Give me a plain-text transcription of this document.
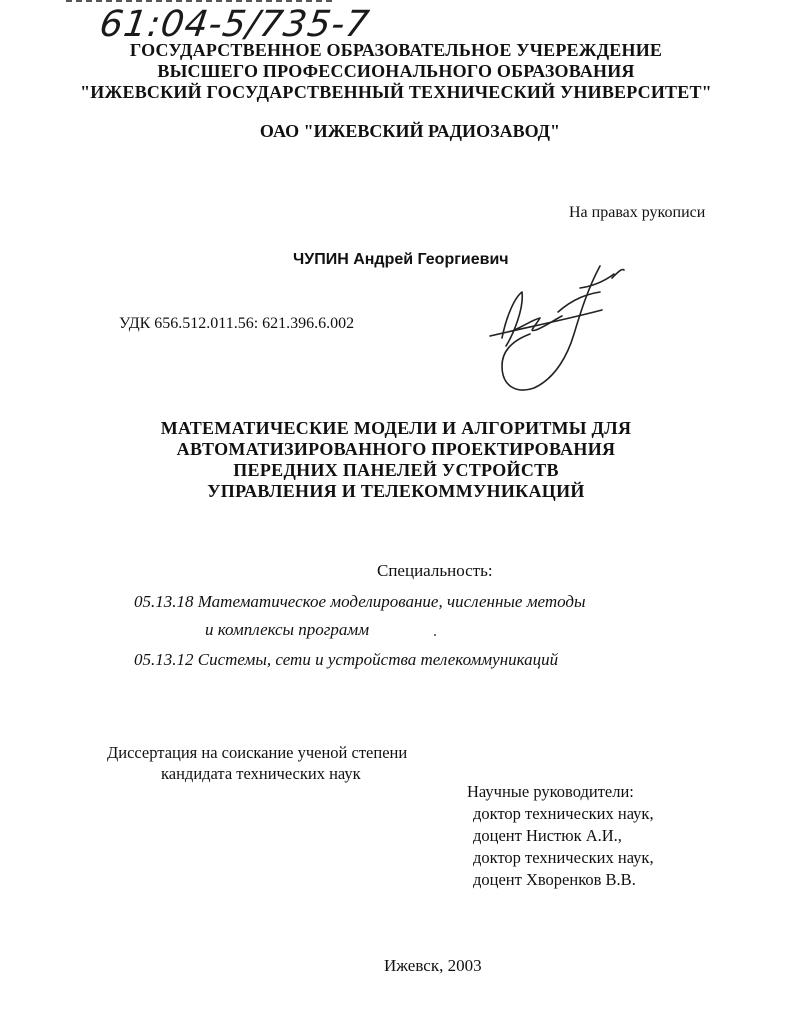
61:04-5/735-7
ГОСУДАРСТВЕННОЕ ОБРАЗОВАТЕЛЬНОЕ УЧЕРЕЖДЕНИЕ
ВЫСШЕГО ПРОФЕССИОНАЛЬНОГО ОБРАЗОВАНИЯ
"ИЖЕВСКИЙ ГОСУДАРСТВЕННЫЙ ТЕХНИЧЕСКИЙ УНИВЕРСИТЕТ"
ОАО "ИЖЕВСКИЙ РАДИОЗАВОД"
На правах рукописи
ЧУПИН Андрей Георгиевич
УДК 656.512.011.56: 621.396.6.002
МАТЕМАТИЧЕСКИЕ МОДЕЛИ И АЛГОРИТМЫ ДЛЯ
АВТОМАТИЗИРОВАННОГО ПРОЕКТИРОВАНИЯ
ПЕРЕДНИХ ПАНЕЛЕЙ УСТРОЙСТВ
УПРАВЛЕНИЯ И ТЕЛЕКОММУНИКАЦИЙ
Специальность:
05.13.18 Математическое моделирование, численные методы
и комплексы программ
05.13.12 Системы, сети и устройства телекоммуникаций
Диссертация на соискание ученой степени
кандидата технических наук
Научные руководители:
доктор технических наук,
доцент Нистюк А.И.,
доктор технических наук,
доцент Хворенков В.В.
Ижевск, 2003
